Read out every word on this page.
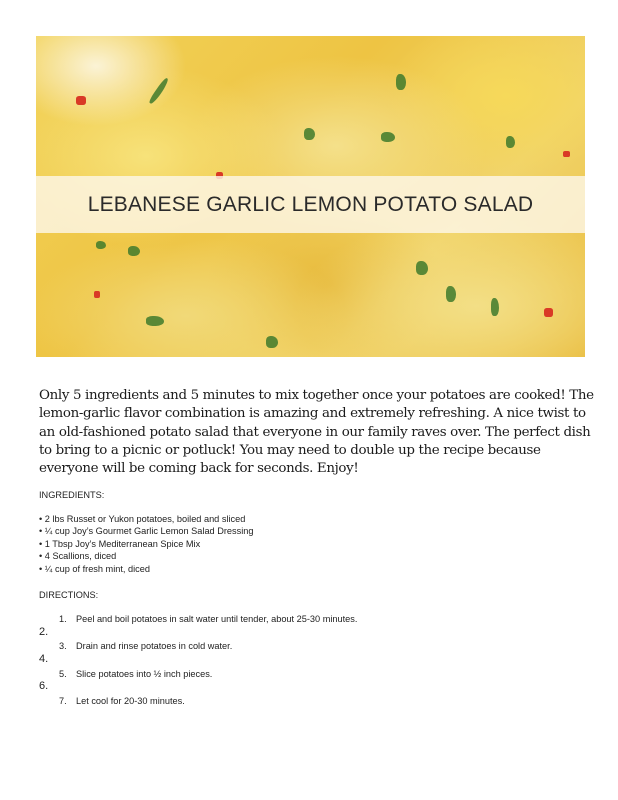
LEBANESE GARLIC LEMON POTATO SALAD

Only 5 ingredients and 5 minutes to mix together once your potatoes are cooked! The lemon-garlic flavor combination is amazing and extremely refreshing. A nice twist to an old-fashioned potato salad that everyone in our family raves over. The perfect dish to bring to a picnic or potluck! You may need to double up the recipe because everyone will be coming back for seconds. Enjoy!

INGREDIENTS:
• 2 lbs Russet or Yukon potatoes, boiled and sliced
• ¼ cup Joy’s Gourmet Garlic Lemon Salad Dressing
• 1 Tbsp Joy’s Mediterranean Spice Mix
• 4 Scallions, diced
• ¼ cup of fresh mint, diced
DIRECTIONS:
1. Peel and boil potatoes in salt water until tender, about 25-30 minutes.
2.
3. Drain and rinse potatoes in cold water.
4.
5. Slice potatoes into ½ inch pieces.
6.
7. Let cool for 20-30 minutes.
